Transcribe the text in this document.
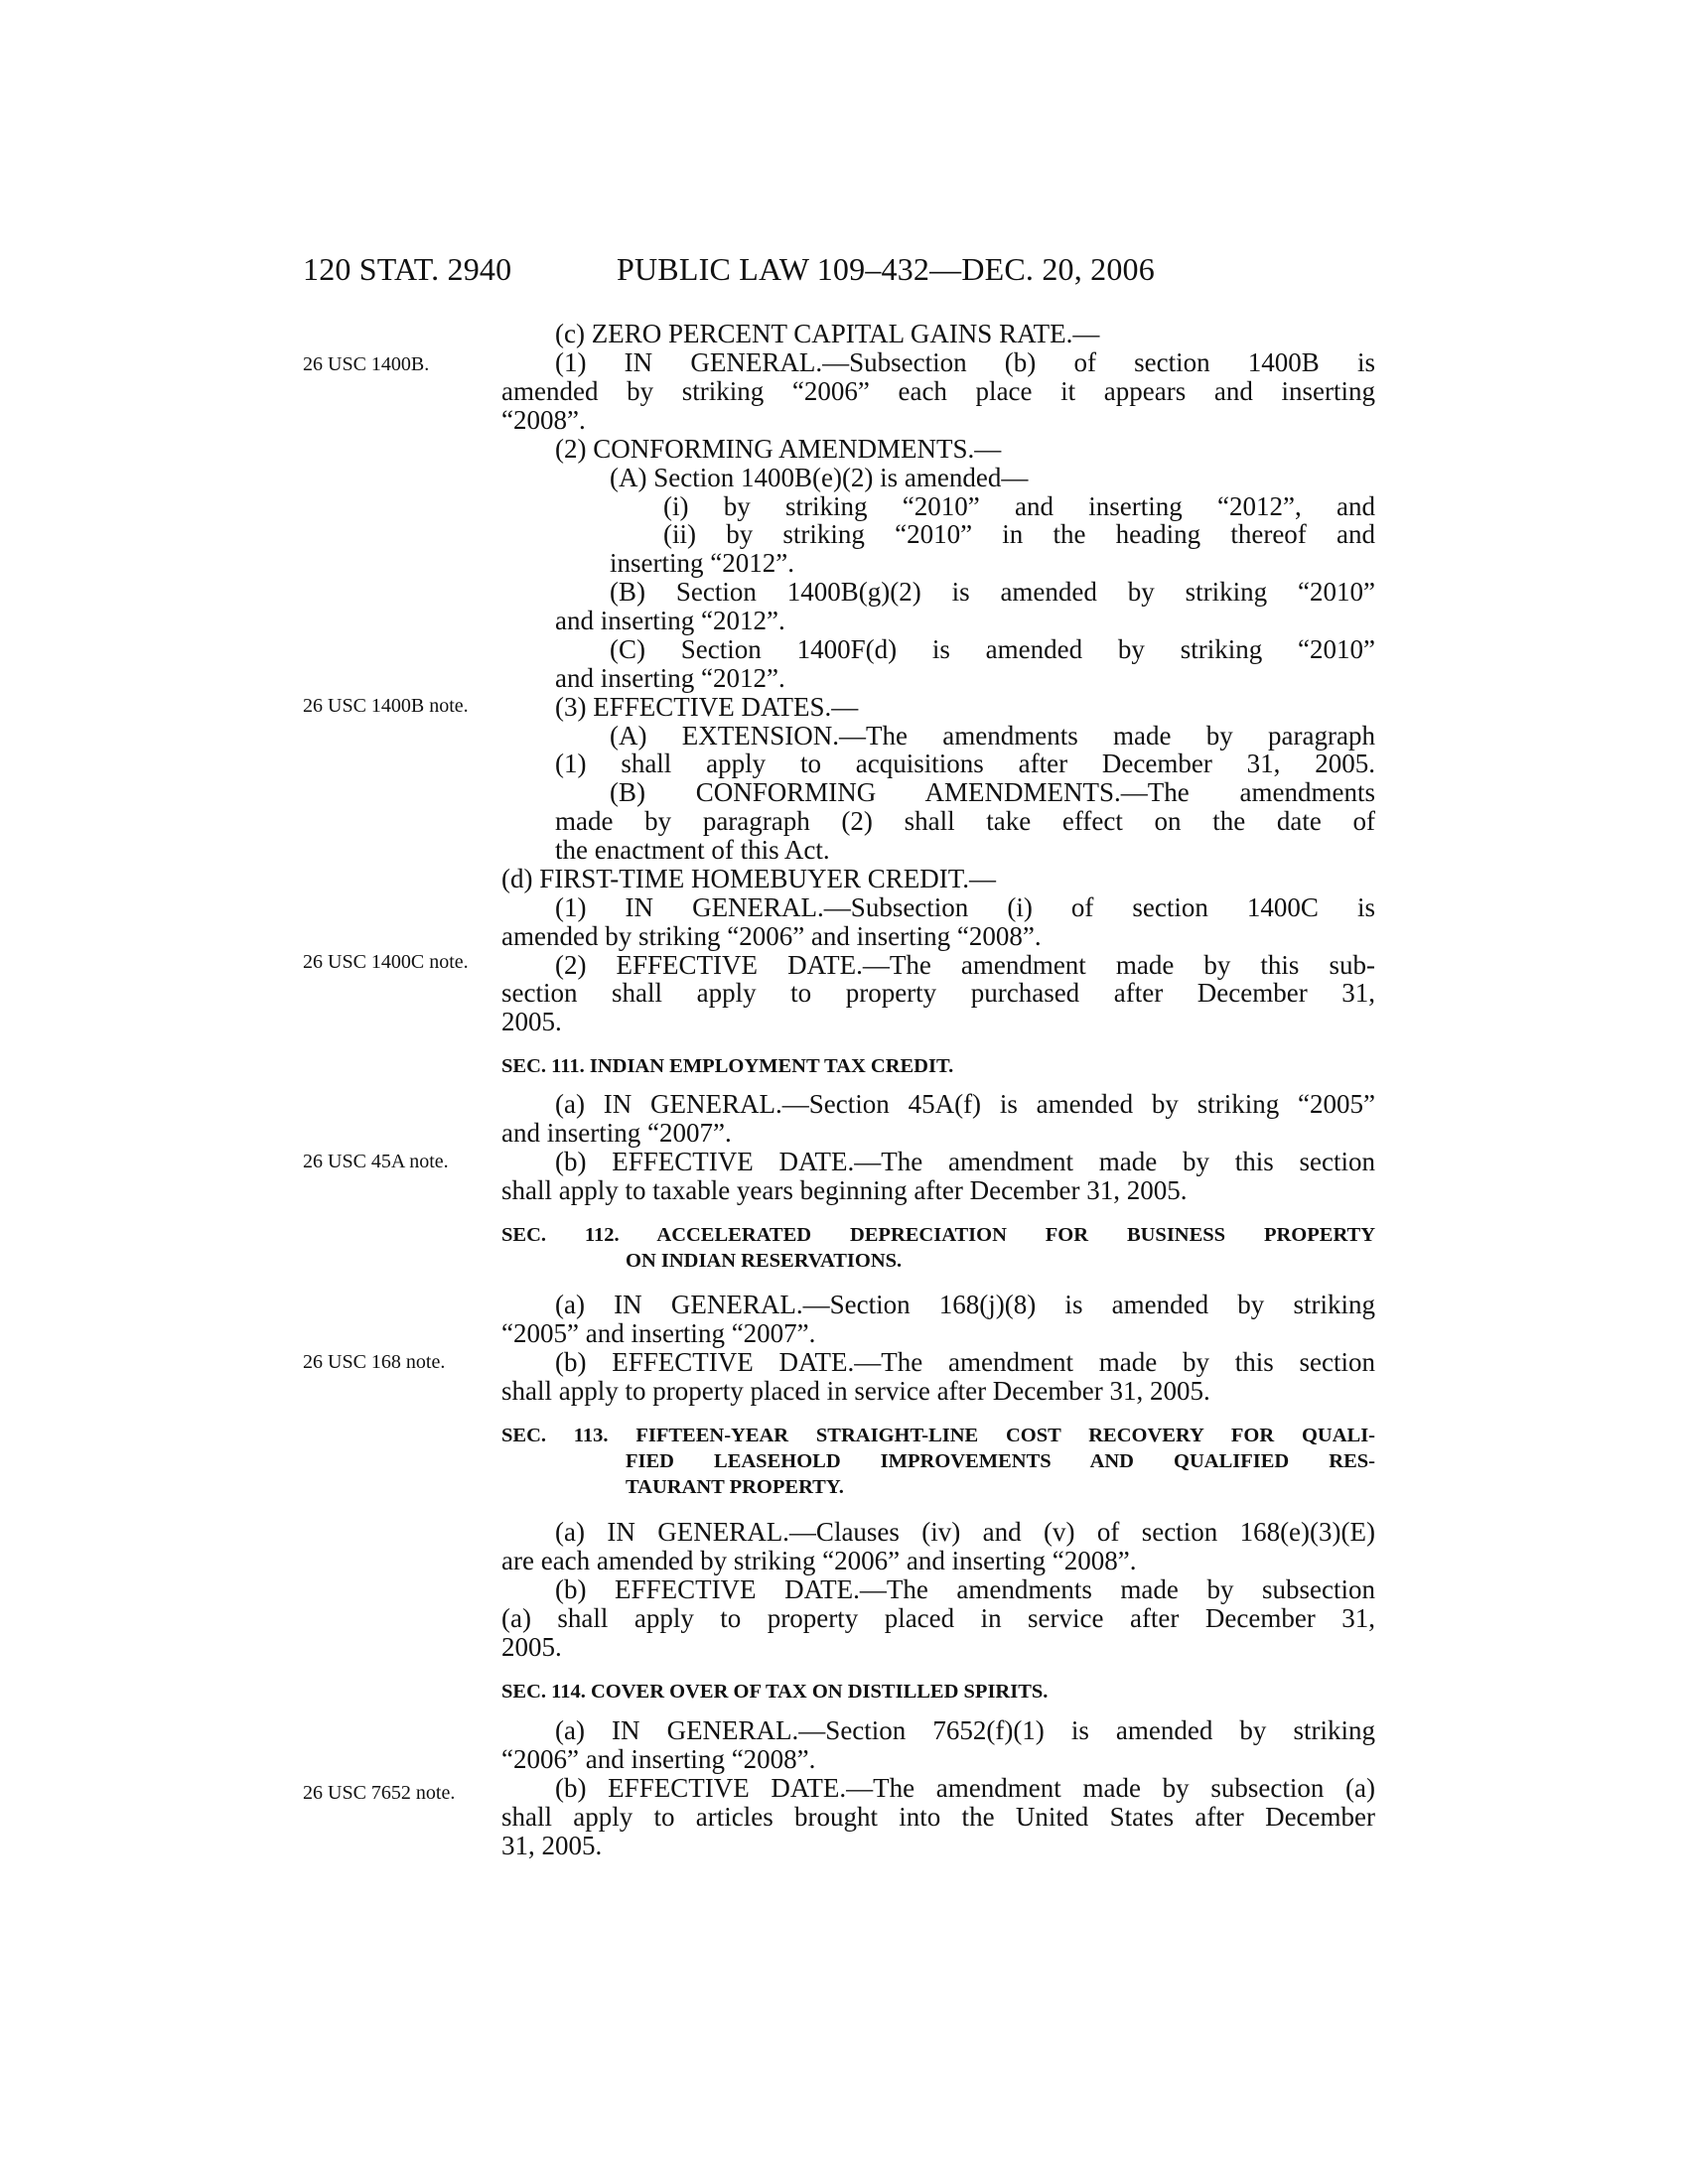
120 STAT. 2940	PUBLIC LAW 109–432—DEC. 20, 2006
26 USC 1400B.
26 USC 1400B note.
26 USC 1400C note.
26 USC 45A note.
26 USC 168 note.
26 USC 7652 note.
(c) ZERO PERCENT CAPITAL GAINS RATE.—
(1) IN GENERAL.—Subsection (b) of section 1400B is
amended by striking “2006” each place it appears and inserting
“2008”.
(2) CONFORMING AMENDMENTS.—
(A) Section 1400B(e)(2) is amended—
(i) by striking “2010” and inserting “2012”, and
(ii) by striking “2010” in the heading thereof and
inserting “2012”.
(B) Section 1400B(g)(2) is amended by striking “2010”
and inserting “2012”.
(C) Section 1400F(d) is amended by striking “2010”
and inserting “2012”.
(3) EFFECTIVE DATES.—
(A) EXTENSION.—The amendments made by paragraph
(1) shall apply to acquisitions after December 31, 2005.
(B) CONFORMING AMENDMENTS.—The amendments
made by paragraph (2) shall take effect on the date of
the enactment of this Act.
(d) FIRST-TIME HOMEBUYER CREDIT.—
(1) IN GENERAL.—Subsection (i) of section 1400C is
amended by striking “2006” and inserting “2008”.
(2) EFFECTIVE DATE.—The amendment made by this sub-
section shall apply to property purchased after December 31,
2005.
SEC. 111. INDIAN EMPLOYMENT TAX CREDIT.
(a) IN GENERAL.—Section 45A(f) is amended by striking “2005”
and inserting “2007”.
(b) EFFECTIVE DATE.—The amendment made by this section
shall apply to taxable years beginning after December 31, 2005.
SEC. 112. ACCELERATED DEPRECIATION FOR BUSINESS PROPERTY
ON INDIAN RESERVATIONS.
(a) IN GENERAL.—Section 168(j)(8) is amended by striking
“2005” and inserting “2007”.
(b) EFFECTIVE DATE.—The amendment made by this section
shall apply to property placed in service after December 31, 2005.
SEC. 113. FIFTEEN-YEAR STRAIGHT-LINE COST RECOVERY FOR QUALI-
FIED LEASEHOLD IMPROVEMENTS AND QUALIFIED RES-
TAURANT PROPERTY.
(a) IN GENERAL.—Clauses (iv) and (v) of section 168(e)(3)(E)
are each amended by striking “2006” and inserting “2008”.
(b) EFFECTIVE DATE.—The amendments made by subsection
(a) shall apply to property placed in service after December 31,
2005.
SEC. 114. COVER OVER OF TAX ON DISTILLED SPIRITS.
(a) IN GENERAL.—Section 7652(f)(1) is amended by striking
“2006” and inserting “2008”.
(b) EFFECTIVE DATE.—The amendment made by subsection (a)
shall apply to articles brought into the United States after December
31, 2005.
